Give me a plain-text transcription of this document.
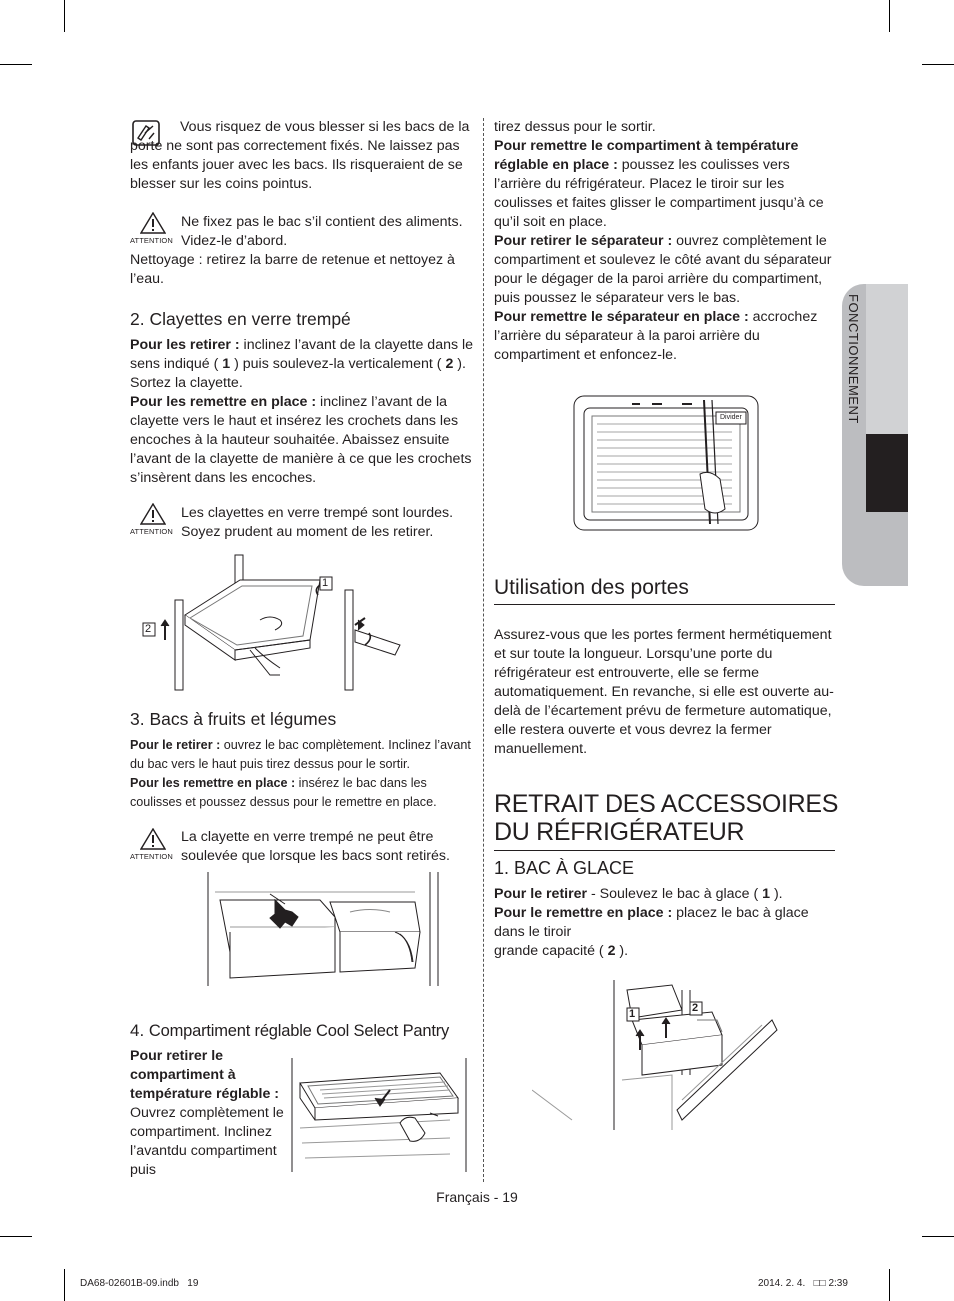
FONCTIONNEMENT

Vous risquez de vous blesser si les bacs de la porte ne sont pas correctement fixés. Ne laissez pas les enfants jouer avec les bacs. Ils risqueraient de se blesser sur les coins pointus.

ATTENTION

Ne fixez pas le bac s’il contient des aliments. Videz-le d’abord.

Nettoyage : retirez la barre de retenue et nettoyez à l’eau.

2. Clayettes en verre trempé

Pour les retirer : inclinez l’avant de la clayette dans le sens indiqué ( 1 ) puis soulevez-la verticalement ( 2 ). Sortez la clayette.

Pour les remettre en place : inclinez l’avant de la clayette vers le haut et insérez les crochets dans les encoches à la hauteur souhaitée. Abaissez ensuite l’avant de la clayette de manière à ce que les crochets s’insèrent dans les encoches.

ATTENTION

Les clayettes en verre trempé sont lourdes. Soyez prudent au moment de les retirer.

1
2

3. Bacs à fruits et légumes

Pour le retirer : ouvrez le bac complètement. Inclinez l’avant du bac vers le haut puis tirez dessus pour le sortir.

Pour les remettre en place : insérez le bac dans les coulisses et poussez dessus pour le remettre en place.

ATTENTION

La clayette en verre trempé ne peut être soulevée que lorsque les bacs sont retirés.

4. Compartiment réglable Cool Select Pantry

Pour retirer le compartiment à température réglable :

Ouvrez complètement le compartiment. Inclinez l’avantdu compartiment puis

tirez dessus pour le sortir.

Pour remettre le compartiment à température réglable en place : poussez les coulisses vers l’arrière du réfrigérateur. Placez le tiroir sur les coulisses et faites glisser le compartiment jusqu’à ce qu’il soit en place.

Pour retirer le séparateur : ouvrez complètement le compartiment et soulevez le côté avant du séparateur pour le dégager de la paroi arrière du compartiment, puis poussez le séparateur vers le bas.

Pour remettre le séparateur en place : accrochez l’arrière du séparateur à la paroi arrière du compartiment et enfoncez-le.

Divider
Utilisation des portes

Assurez-vous que les portes ferment hermétiquement et sur toute la longueur. Lorsqu’une porte du réfrigérateur est entrouverte, elle se ferme automatiquement. En revanche, si elle est ouverte au-delà de l’écartement prévu de fermeture automatique, elle restera ouverte et vous devrez la fermer manuellement.

RETRAIT DES ACCESSOIRES
DU RÉFRIGÉRATEUR

1. BAC À GLACE

Pour le retirer - Soulevez le bac à glace ( 1 ).

Pour le remettre en place : placez le bac à glace dans le tiroir

grande capacité ( 2 ).

1	2
Français - 19
DA68-02601B-09.indb   19	2014. 2. 4.   □□ 2:39
